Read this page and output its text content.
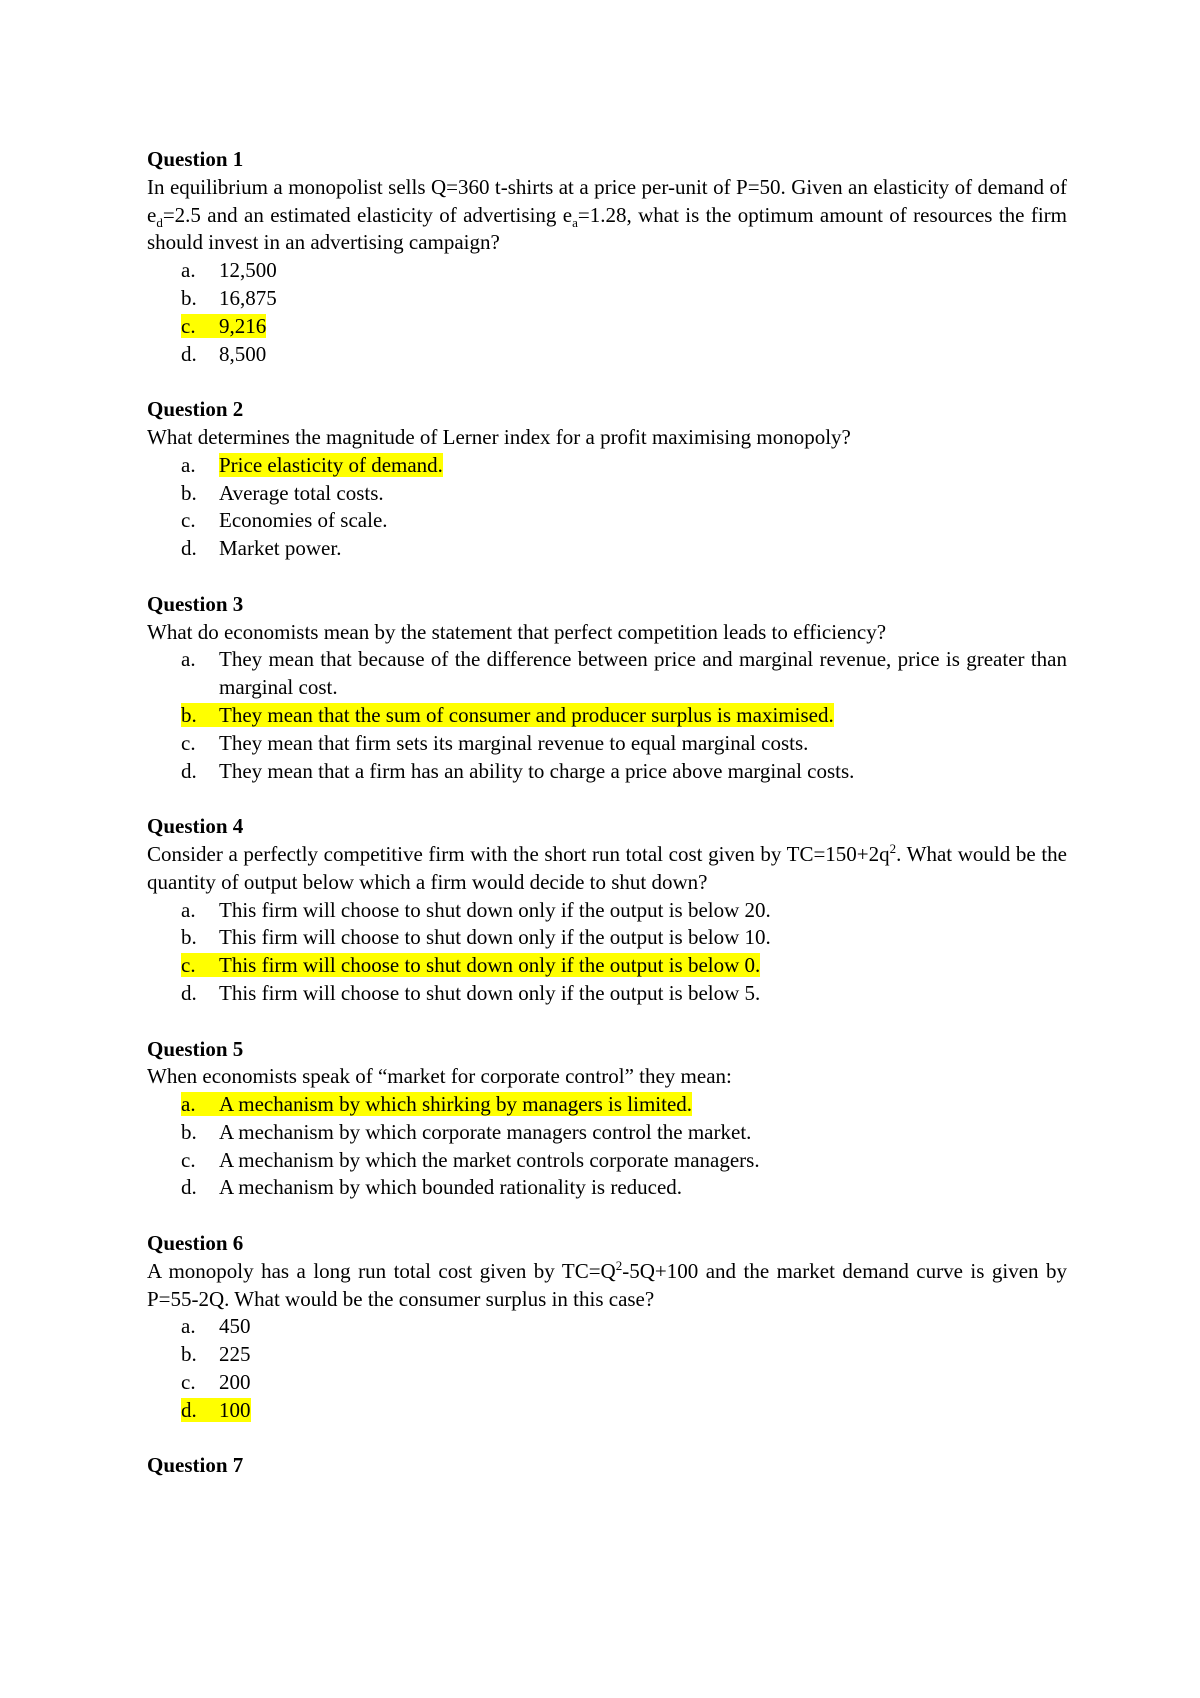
Question 1
In equilibrium a monopolist sells Q=360 t-shirts at a price per-unit of P=50. Given an elasticity of demand of $e_d=2.5$ and an estimated elasticity of advertising $e_a=1.28$, what is the optimum amount of resources the firm should invest in an advertising campaign?
a.	12,500
b.	16,875
c.	9,216
d.	8,500
Question 2
What determines the magnitude of Lerner index for a profit maximising monopoly?
a.	Price elasticity of demand.
b.	Average total costs.
c.	Economies of scale.
d.	Market power.
Question 3
What do economists mean by the statement that perfect competition leads to efficiency?
a.	They mean that because of the difference between price and marginal revenue, price is greater than marginal cost.
b.	They mean that the sum of consumer and producer surplus is maximised.
c.	They mean that firm sets its marginal revenue to equal marginal costs.
d.	They mean that a firm has an ability to charge a price above marginal costs.
Question 4
Consider a perfectly competitive firm with the short run total cost given by $TC=150+2q^2$. What would be the quantity of output below which a firm would decide to shut down?
a.	This firm will choose to shut down only if the output is below 20.
b.	This firm will choose to shut down only if the output is below 10.
c.	This firm will choose to shut down only if the output is below 0.
d.	This firm will choose to shut down only if the output is below 5.
Question 5
When economists speak of “market for corporate control” they mean:
a.	A mechanism by which shirking by managers is limited.
b.	A mechanism by which corporate managers control the market.
c.	A mechanism by which the market controls corporate managers.
d.	A mechanism by which bounded rationality is reduced.
Question 6
A monopoly has a long run total cost given by $TC=Q^2-5Q+100$ and the market demand curve is given by P=55-2Q. What would be the consumer surplus in this case?
a.	450
b.	225
c.	200
d.	100
Question 7
